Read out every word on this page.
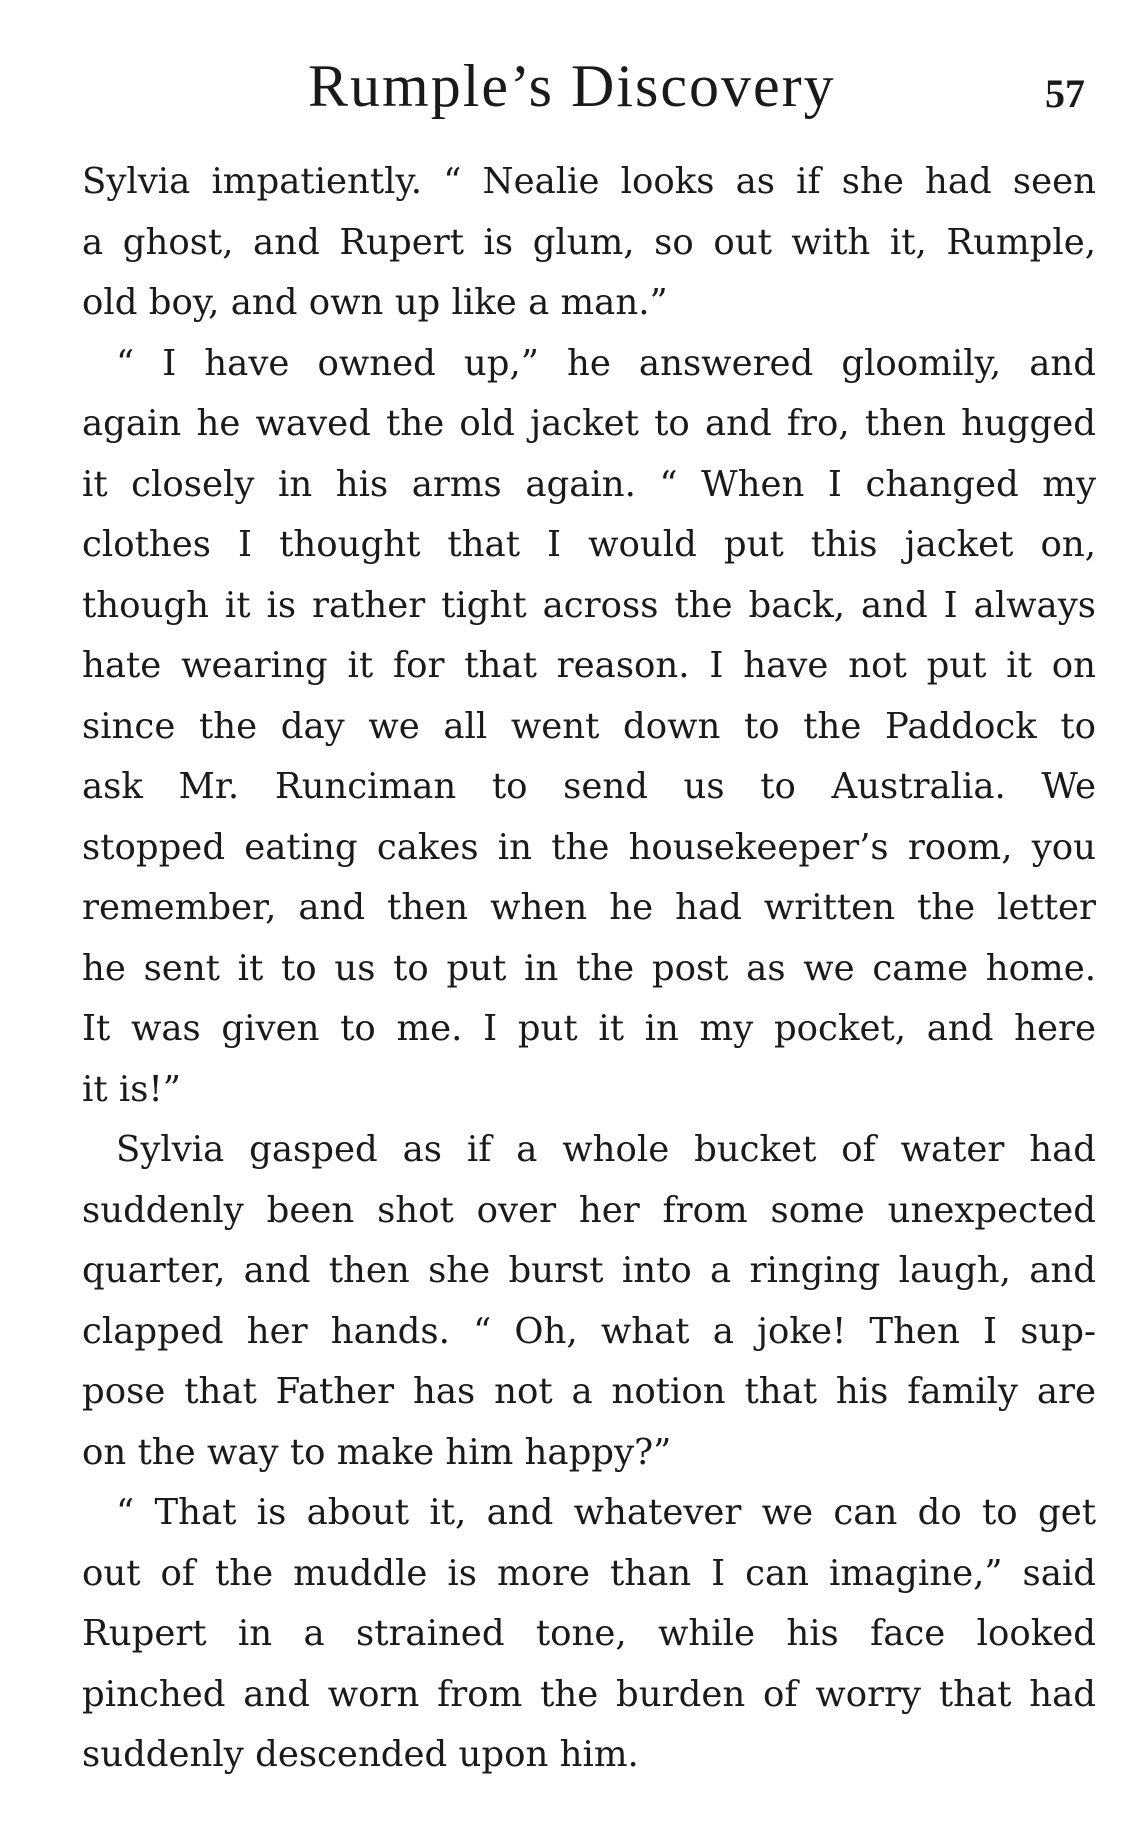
Rumple’s Discovery	57
Sylvia impatiently. “ Nealie looks as if she had seen
a ghost, and Rupert is glum, so out with it, Rumple,
old boy, and own up like a man.”
“ I have owned up,” he answered gloomily, and
again he waved the old jacket to and fro, then hugged
it closely in his arms again. “ When I changed my
clothes I thought that I would put this jacket on,
though it is rather tight across the back, and I always
hate wearing it for that reason. I have not put it on
since the day we all went down to the Paddock to
ask Mr. Runciman to send us to Australia. We
stopped eating cakes in the housekeeper’s room, you
remember, and then when he had written the letter
he sent it to us to put in the post as we came home.
It was given to me. I put it in my pocket, and here
it is!”
Sylvia gasped as if a whole bucket of water had
suddenly been shot over her from some unexpected
quarter, and then she burst into a ringing laugh, and
clapped her hands. “ Oh, what a joke! Then I sup-
pose that Father has not a notion that his family are
on the way to make him happy?”
“ That is about it, and whatever we can do to get
out of the muddle is more than I can imagine,” said
Rupert in a strained tone, while his face looked
pinched and worn from the burden of worry that had
suddenly descended upon him.
